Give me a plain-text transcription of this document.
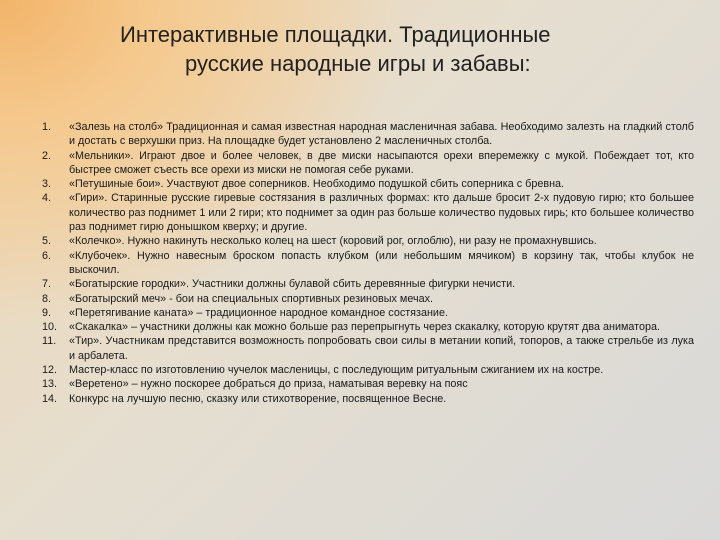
Интерактивные площадки. Традиционные
русские народные игры и забавы:
1.	«Залезь на столб» Традиционная и самая известная народная масленичная забава. Необходимо залезть на гладкий столб и достать с верхушки приз. На площадке будет установлено 2 масленичных столба.
2.	«Мельники». Играют двое и более человек, в две миски насыпаются орехи вперемежку с мукой. Побеждает тот, кто быстрее сможет съесть все орехи из миски не помогая себе руками.
3.	«Петушиные бои». Участвуют двое соперников. Необходимо подушкой сбить соперника с бревна.
4.	«Гири». Старинные русские гиревые состязания в различных формах: кто дальше бросит 2-х пудовую гирю; кто большее количество раз поднимет 1 или 2 гири; кто поднимет за один раз больше количество пудовых гирь; кто большее количество раз поднимет гирю донышком кверху; и другие.
5.	«Колечко». Нужно накинуть несколько колец на шест (коровий рог, оглоблю), ни разу не промахнувшись.
6.	«Клубочек». Нужно навесным броском попасть клубком (или небольшим мячиком) в корзину так, чтобы клубок не выскочил.
7.	«Богатырские городки». Участники должны булавой сбить деревянные фигурки нечисти.
8.	«Богатырский меч» - бои на специальных спортивных резиновых мечах.
9.	«Перетягивание каната» – традиционное народное командное состязание.
10.	«Скакалка» – участники должны как можно больше раз перепрыгнуть через скакалку, которую крутят два аниматора.
11.	«Тир». Участникам представится возможность попробовать свои силы в метании копий, топоров, а также стрельбе из лука и арбалета.
12.	Мастер-класс по изготовлению чучелок масленицы, с последующим ритуальным сжиганием их на костре.
13.	«Веретено» – нужно поскорее добраться до приза, наматывая веревку на пояс
14.	Конкурс на лучшую песню, сказку или стихотворение, посвященное Весне.
